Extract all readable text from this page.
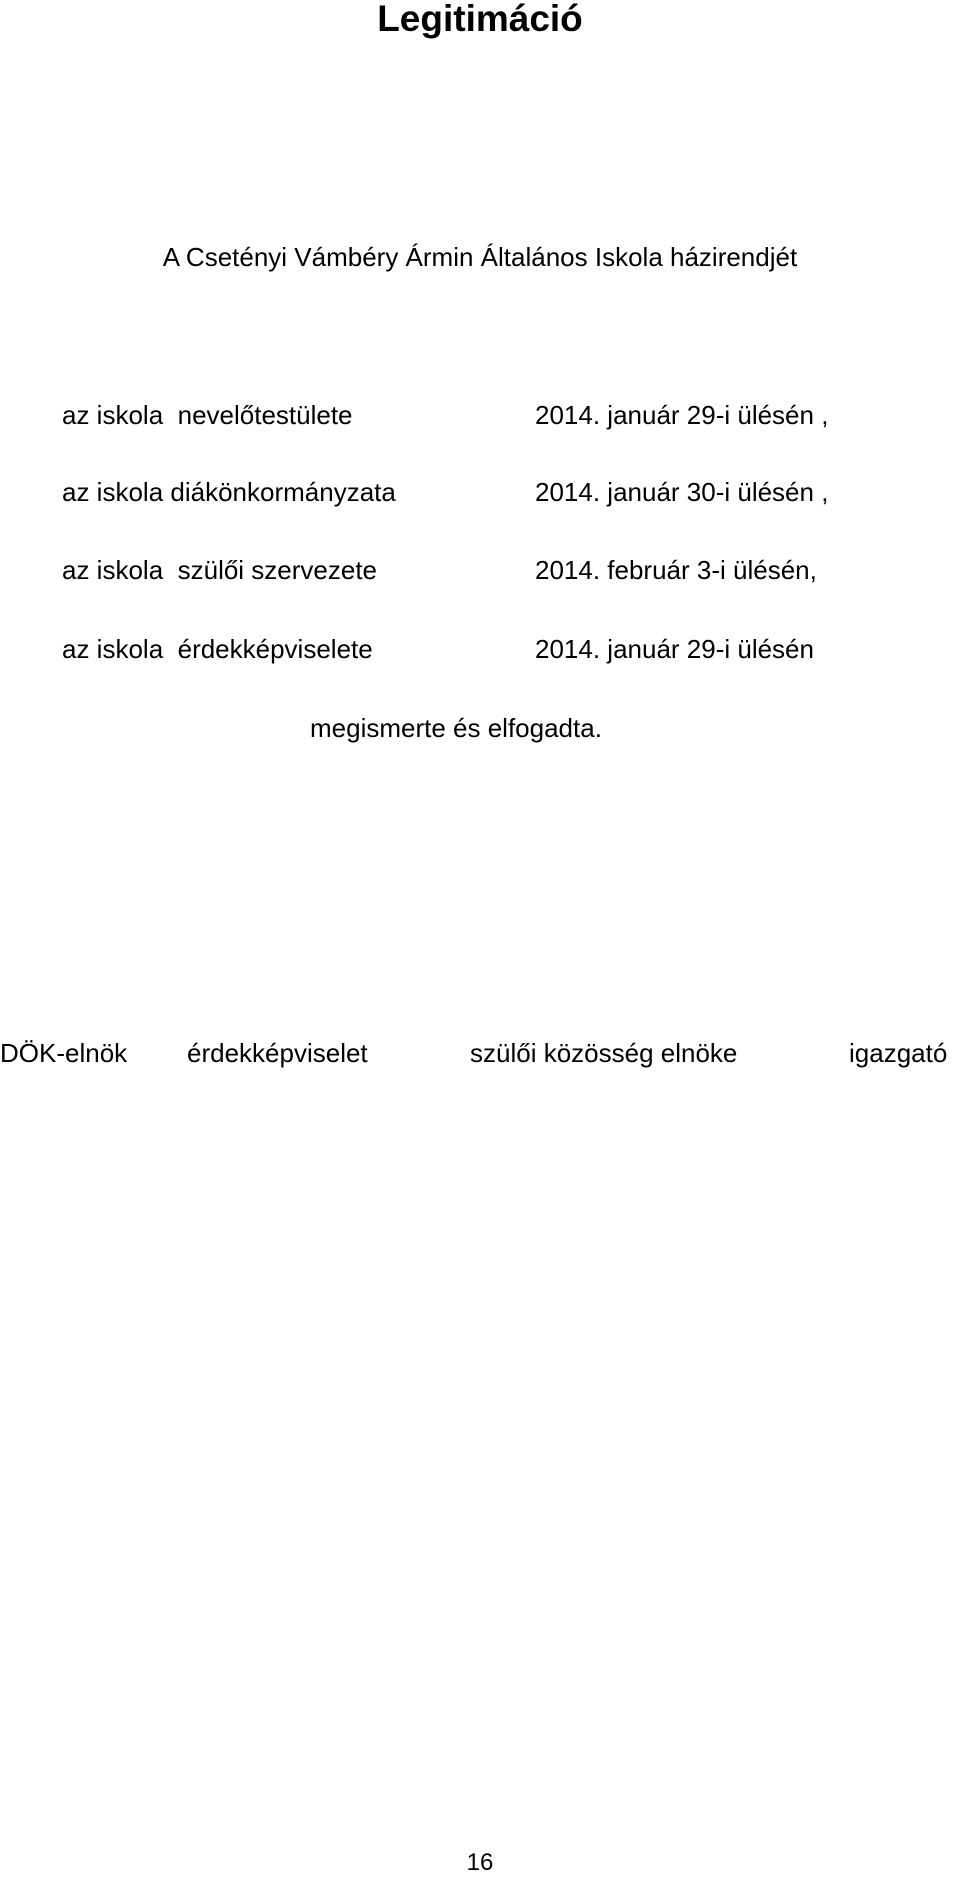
Legitimáció
A Csetényi Vámbéry Ármin Általános Iskola házirendjét
az iskola  nevelőtestülete	2014. január 29-i ülésén ,
az iskola diákönkormányzata	2014. január 30-i ülésén ,
az iskola  szülői szervezete	2014. február 3-i ülésén,
az iskola  érdekképviselete	2014. január 29-i ülésén
megismerte és elfogadta.
DÖK-elnök érdekképviselet	szülői közösség elnöke	igazgató
16
